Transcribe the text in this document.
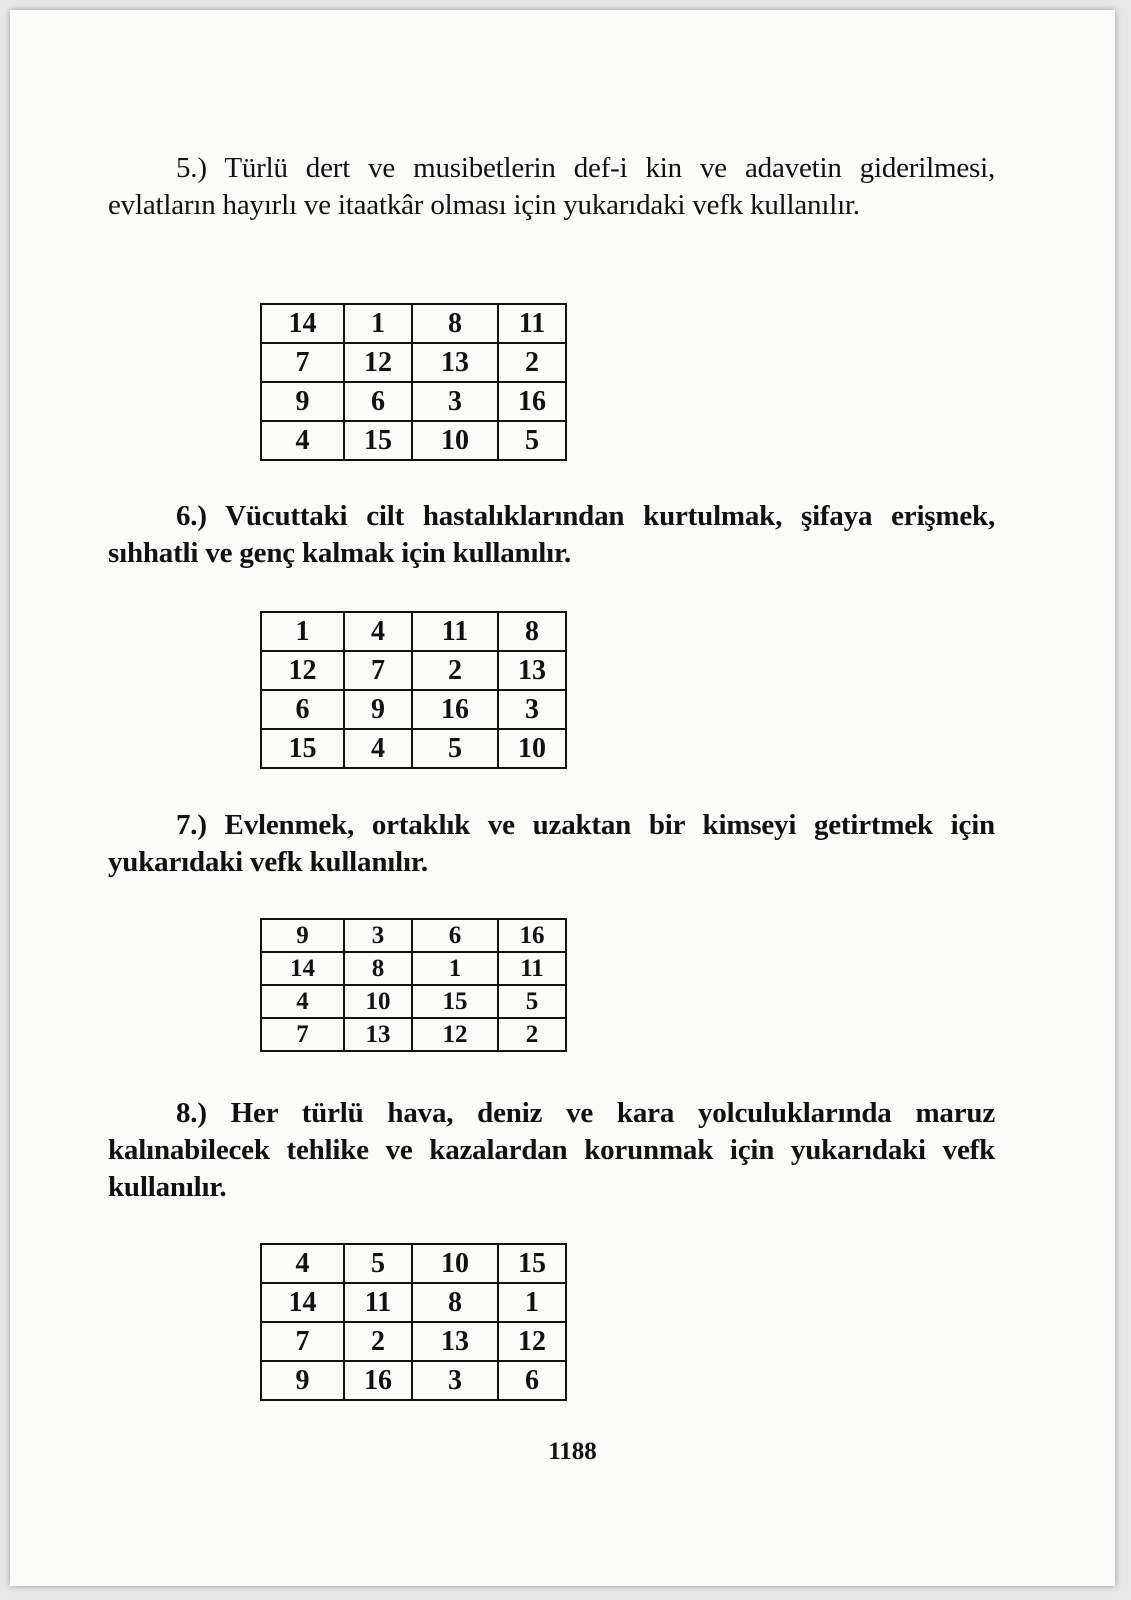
5.) Türlü dert ve musibetlerin def-i kin ve adavetin giderilmesi, evlatların hayırlı ve itaatkâr olması için yukarıdaki vefk kullanılır.

14	1	8	11
7	12	13	2
9	6	3	16
4	15	10	5

6.) Vücuttaki cilt hastalıklarından kurtulmak, şifaya erişmek, sıhhatli ve genç kalmak için kullanılır.

1	4	11	8
12	7	2	13
6	9	16	3
15	4	5	10

7.) Evlenmek, ortaklık ve uzaktan bir kimseyi getirtmek için yukarıdaki vefk kullanılır.

9	3	6	16
14	8	1	11
4	10	15	5
7	13	12	2

8.) Her türlü hava, deniz ve kara yolculuklarında maruz kalınabilecek tehlike ve kazalardan korunmak için yukarıdaki vefk kullanılır.

4	5	10	15
14	11	8	1
7	2	13	12
9	16	3	6
1188
